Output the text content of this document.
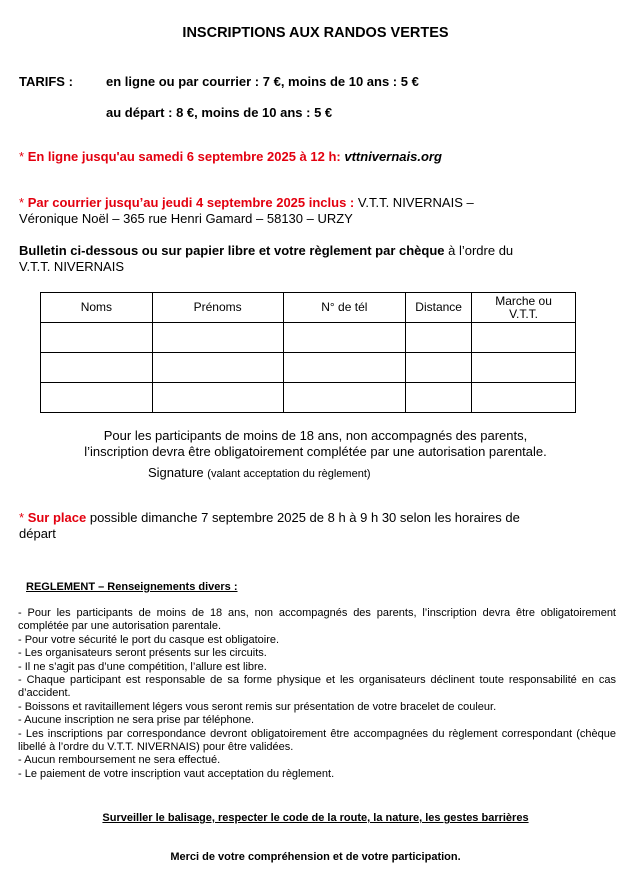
INSCRIPTIONS AUX RANDOS VERTES
TARIFS :	en ligne ou par courrier : 7 €, moins de 10 ans : 5 €
au départ : 8 €, moins de 10 ans : 5 €
* En ligne jusqu'au samedi 6 septembre 2025 à 12 h: vttnivernais.org
* Par courrier jusqu’au jeudi 4 septembre 2025 inclus : V.T.T. NIVERNAIS –
Véronique Noël – 365 rue Henri Gamard – 58130 – URZY
Bulletin ci-dessous ou sur papier libre et votre règlement par chèque à l’ordre du
V.T.T. NIVERNAIS
Noms	Prénoms	N° de tél	Distance	Marche ou V.T.T.

Pour les participants de moins de 18 ans, non accompagnés des parents,
l’inscription devra être obligatoirement complétée par une autorisation parentale.
Signature (valant acceptation du règlement)
* Sur place possible dimanche 7 septembre 2025 de 8 h à 9 h 30 selon les horaires de
départ
REGLEMENT – Renseignements divers :

- Pour les participants de moins de 18 ans, non accompagnés des parents, l’inscription devra être obligatoirement complétée par une autorisation parentale.

- Pour votre sécurité le port du casque est obligatoire.

- Les organisateurs seront présents sur les circuits.

- Il ne s’agit pas d’une compétition, l’allure est libre.

- Chaque participant est responsable de sa forme physique et les organisateurs déclinent toute responsabilité en cas d’accident.

- Boissons et ravitaillement légers vous seront remis sur présentation de votre bracelet de couleur.

- Aucune inscription ne sera prise par téléphone.

- Les inscriptions par correspondance devront obligatoirement être accompagnées du règlement correspondant (chèque libellé à l’ordre du V.T.T. NIVERNAIS) pour être validées.

- Aucun remboursement ne sera effectué.

- Le paiement de votre inscription vaut acceptation du règlement.

Surveiller le balisage, respecter le code de la route, la nature, les gestes barrières
Merci de votre compréhension et de votre participation.
